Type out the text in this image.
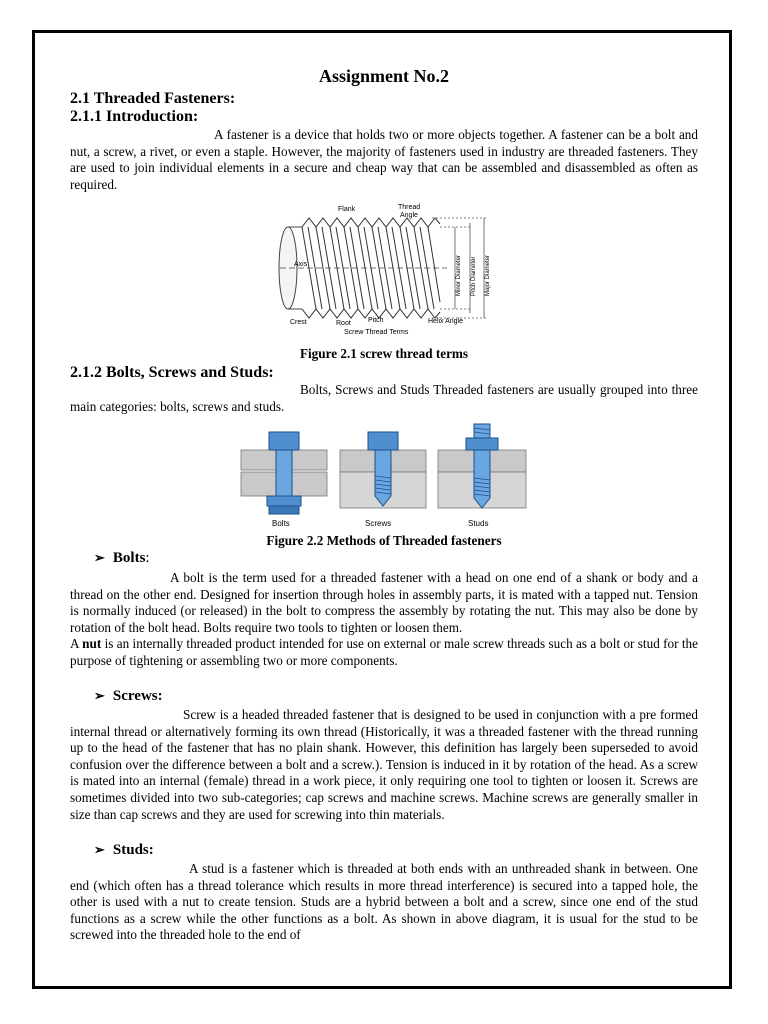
Assignment No.2
2.1 Threaded Fasteners:
2.1.1 Introduction:

A fastener is a device that holds two or more objects together. A fastener can be a bolt and nut, a screw, a rivet, or even a staple. However, the majority of fasteners used in industry are threaded fasteners. They are used to join individual elements in a secure and cheap way that can be assembled and disassembled as often as required.

Flank	Thread
Angle
Axis
Crest	Root Pitch	Helix Angle
Screw Thread Terms
Minor Diameter Pitch Diameter Major Diameter
Figure 2.1 screw thread terms
2.1.2 Bolts, Screws and Studs:

Bolts, Screws and Studs Threaded fasteners are usually grouped into three main categories: bolts, screws and studs.

Bolts	Screws	Studs
Figure 2.2 Methods of Threaded fasteners
➢ Bolts:

A bolt is the term used for a threaded fastener with a head on one end of a shank or body and a thread on the other end. Designed for insertion through holes in assembly parts, it is mated with a tapped nut. Tension is normally induced (or released) in the bolt to compress the assembly by rotating the nut. This may also be done by rotation of the bolt head. Bolts require two tools to tighten or loosen them.

A nut is an internally threaded product intended for use on external or male screw threads such as a bolt or stud for the purpose of tightening or assembling two or more components.

➢ Screws:

Screw is a headed threaded fastener that is designed to be used in conjunction with a pre formed internal thread or alternatively forming its own thread (Historically, it was a threaded fastener with the thread running up to the head of the fastener that has no plain shank. However, this definition has largely been superseded to avoid confusion over the difference between a bolt and a screw.). Tension is induced in it by rotation of the head. As a screw is mated into an internal (female) thread in a work piece, it only requiring one tool to tighten or loosen it. Screws are sometimes divided into two sub-categories; cap screws and machine screws. Machine screws are generally smaller in size than cap screws and they are used for screwing into thin materials.

➢ Studs:

A stud is a fastener which is threaded at both ends with an unthreaded shank in between. One end (which often has a thread tolerance which results in more thread interference) is secured into a tapped hole, the other is used with a nut to create tension. Studs are a hybrid between a bolt and a screw, since one end of the stud functions as a screw while the other functions as a bolt. As shown in above diagram, it is usual for the stud to be screwed into the threaded hole to the end of
